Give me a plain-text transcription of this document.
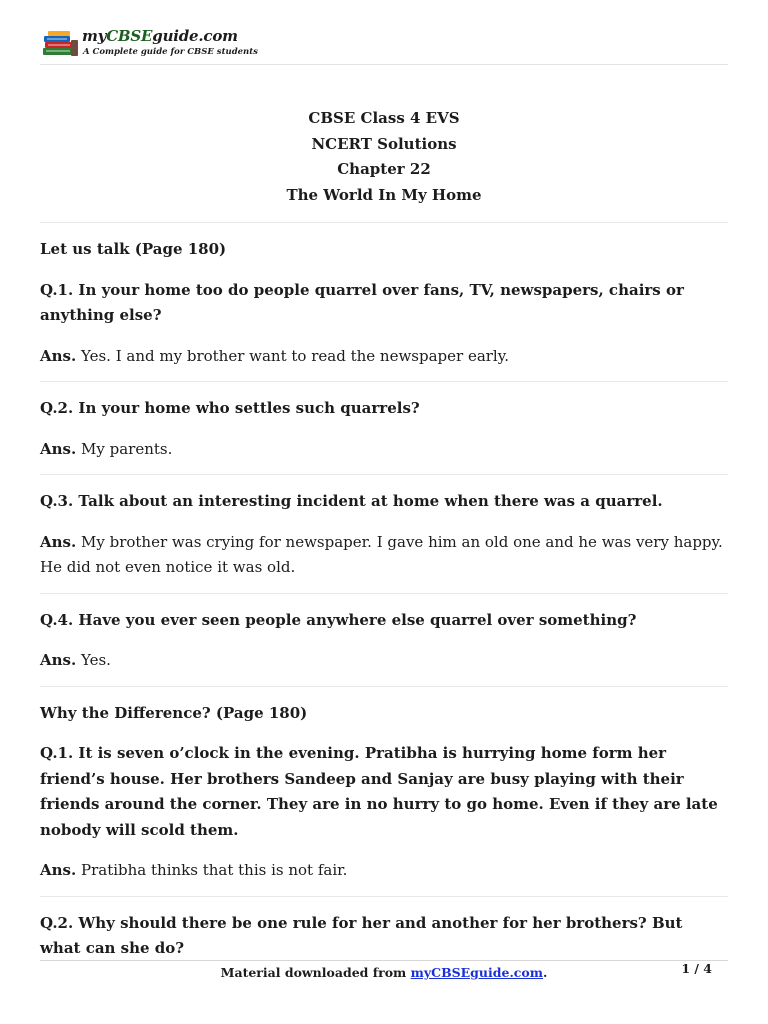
myCBSEguide.com
A Complete guide for CBSE students
CBSE Class 4 EVS
NCERT Solutions
Chapter 22
The World In My Home

Let us talk (Page 180)

Q.1. In your home too do people quarrel over fans, TV, newspapers, chairs or anything else?

Ans. Yes. I and my brother want to read the newspaper early.

Q.2. In your home who settles such quarrels?

Ans. My parents.

Q.3. Talk about an interesting incident at home when there was a quarrel.

Ans. My brother was crying for newspaper. I gave him an old one and he was very happy. He did not even notice it was old.

Q.4. Have you ever seen people anywhere else quarrel over something?

Ans. Yes.

Why the Difference? (Page 180)

Q.1. It is seven o’clock in the evening. Pratibha is hurrying home form her friend’s house. Her brothers Sandeep and Sanjay are busy playing with their friends around the corner. They are in no hurry to go home. Even if they are late nobody will scold them.

Ans. Pratibha thinks that this is not fair.

Q.2. Why should there be one rule for her and another for her brothers? But what can she do?

Material downloaded from myCBSEguide.com.	1 / 4
